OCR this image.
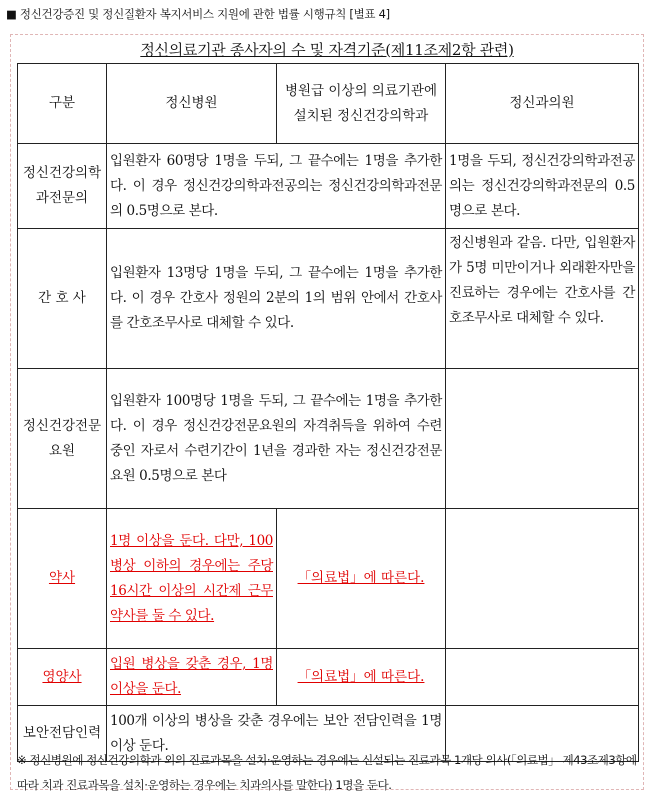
■ 정신건강증진 및 정신질환자 복지서비스 지원에 관한 법률 시행규칙 [별표 4]
정신의료기관 종사자의 수 및 자격기준(제11조제2항 관련)
구분	정신병원	병원급 이상의 의료기관에 설치된 정신건강의학과	정신과의원
정신건강의학과전문의	입원환자 60명당 1명을 두되, 그 끝수에는 1명을 추가한다. 이 경우 정신건강의학과전공의는 정신건강의학과전문의 0.5명으로 본다.		1명을 두되, 정신건강의학과전공의는 정신건강의학과전문의 0.5명으로 본다.
간 호 사	입원환자 13명당 1명을 두되, 그 끝수에는 1명을 추가한다. 이 경우 간호사 정원의 2분의 1의 범위 안에서 간호사를 간호조무사로 대체할 수 있다.		정신병원과 같음. 다만, 입원환자가 5명 미만이거나 외래환자만을 진료하는 경우에는 간호사를 간호조무사로 대체할 수 있다.
정신건강전문요원	입원환자 100명당 1명을 두되, 그 끝수에는 1명을 추가한다. 이 경우 정신건강전문요원의 자격취득을 위하여 수련 중인 자로서 수련기간이 1년을 경과한 자는 정신건강전문요원 0.5명으로 본다		
약사	1명 이상을 둔다. 다만, 100병상 이하의 경우에는 주당 16시간 이상의 시간제 근무약사를 둘 수 있다.	「의료법」에 따른다.	
영양사	입원 병상을 갖춘 경우, 1명 이상을 둔다.	「의료법」에 따른다.	
보안전담인력	100개 이상의 병상을 갖춘 경우에는 보안 전담인력을 1명 이상 둔다.		
※ 정신병원에 정신건강의학과 외의 진료과목을 설치·운영하는 경우에는 신설되는 진료과목 1개당 의사(「의료법」 제43조제3항에 따라 치과 진료과목을 설치·운영하는 경우에는 치과의사를 말한다) 1명을 둔다.
